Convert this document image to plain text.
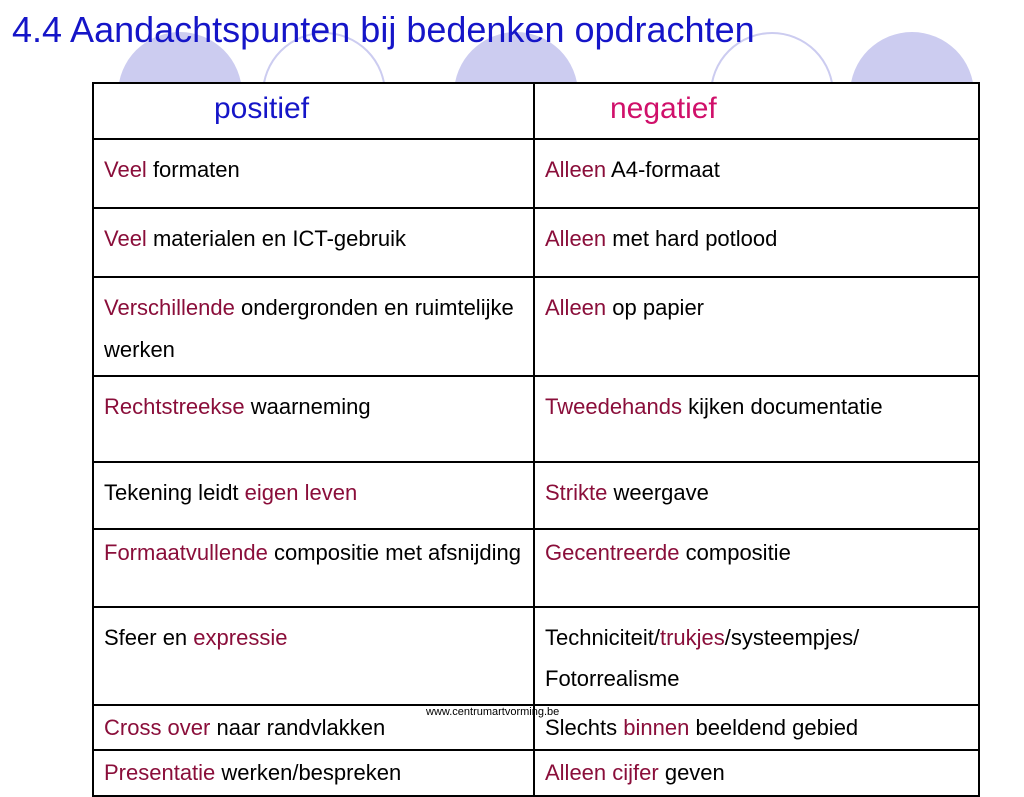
4.4 Aandachtspunten bij bedenken opdrachten
positief	negatief
Veel formaten	Alleen A4-formaat
Veel materialen en ICT-gebruik	Alleen met hard potlood
Verschillende ondergronden en ruimtelijke werken	Alleen op papier
Rechtstreekse waarneming	Tweedehands kijken documentatie
Tekening leidt eigen leven	Strikte weergave
Formaatvullende compositie met afsnijding	Gecentreerde compositie
Sfeer en expressie	Techniciteit/trukjes/systeempjes/ Fotorrealisme
Cross over naar randvlakken	Slechts binnen beeldend gebied
Presentatie werken/bespreken	Alleen cijfer geven
www.centrumartvorming.be
